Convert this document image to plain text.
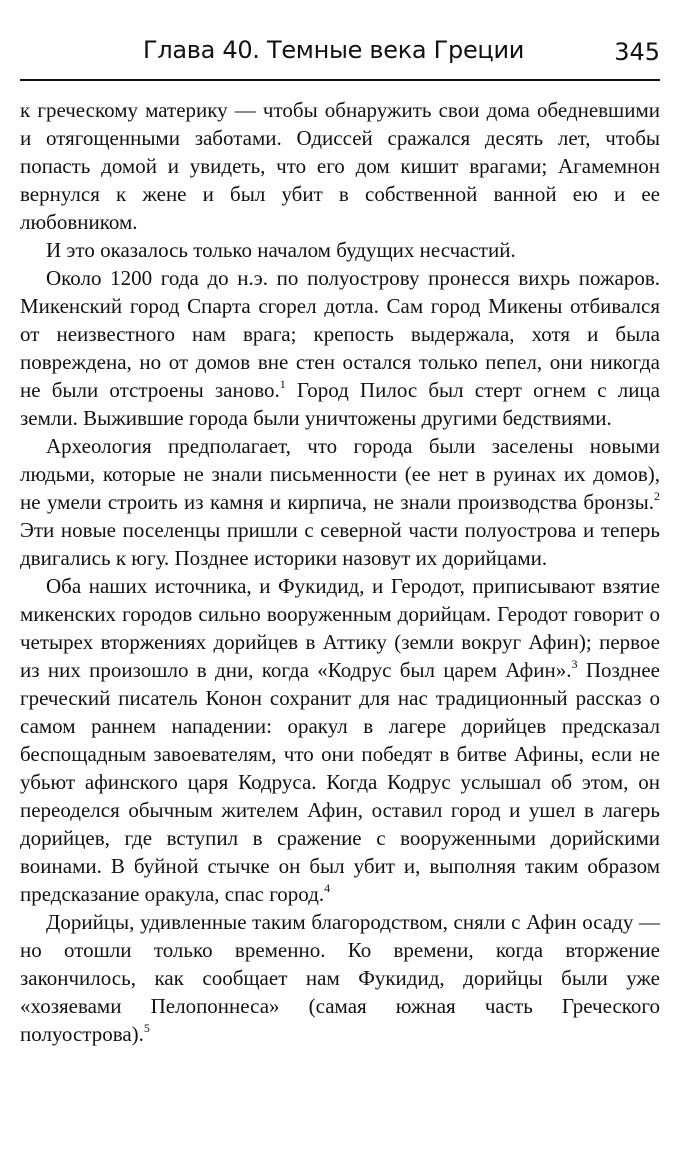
Глава 40. Темные века Греции	345

к греческому материку — чтобы обнаружить свои дома обедневшими и отягощенными заботами. Одиссей сражался десять лет, чтобы попасть домой и увидеть, что его дом кишит врагами; Агамемнон вернулся к жене и был убит в собственной ванной ею и ее любовником.

И это оказалось только началом будущих несчастий.

Около 1200 года до н.э. по полуострову пронесся вихрь пожаров. Микенский город Спарта сгорел дотла. Сам город Микены отбивался от неизвестного нам врага; крепость выдержала, хотя и была повреждена, но от домов вне стен остался только пепел, они никогда не были отстроены заново.$^1$ Город Пилос был стерт огнем с лица земли. Выжившие города были уничтожены другими бедствиями.

Археология предполагает, что города были заселены новыми людьми, которые не знали письменности (ее нет в руинах их домов), не умели строить из камня и кирпича, не знали производства бронзы.$^2$ Эти новые поселенцы пришли с северной части полуострова и теперь двигались к югу. Позднее историки назовут их дорийцами.

Оба наших источника, и Фукидид, и Геродот, приписывают взятие микенских городов сильно вооруженным дорийцам. Геродот говорит о четырех вторжениях дорийцев в Аттику (земли вокруг Афин); первое из них произошло в дни, когда «Кодрус был царем Афин».$^3$ Позднее греческий писатель Конон сохранит для нас традиционный рассказ о самом раннем нападении: оракул в лагере дорийцев предсказал беспощадным завоевателям, что они победят в битве Афины, если не убьют афинского царя Кодруса. Когда Кодрус услышал об этом, он переоделся обычным жителем Афин, оставил город и ушел в лагерь дорийцев, где вступил в сражение с вооруженными дорийскими воинами. В буйной стычке он был убит и, выполняя таким образом предсказание оракула, спас город.$^4$

Дорийцы, удивленные таким благородством, сняли с Афин осаду — но отошли только временно. Ко времени, когда вторжение закончилось, как сообщает нам Фукидид, дорийцы были уже «хозяевами Пелопоннеса» (самая южная часть Греческого полуострова).$^5$
